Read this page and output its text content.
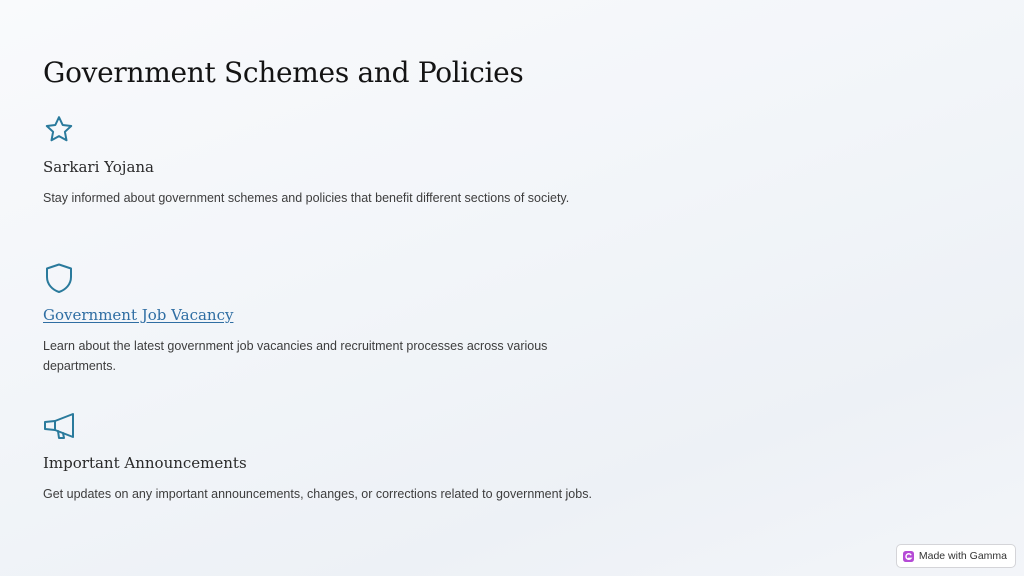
Government Schemes and Policies
Sarkari Yojana

Stay informed about government schemes and policies that benefit different sections of society.

Government Job Vacancy

Learn about the latest government job vacancies and recruitment processes across various departments.

Important Announcements

Get updates on any important announcements, changes, or corrections related to government jobs.

Made with Gamma
